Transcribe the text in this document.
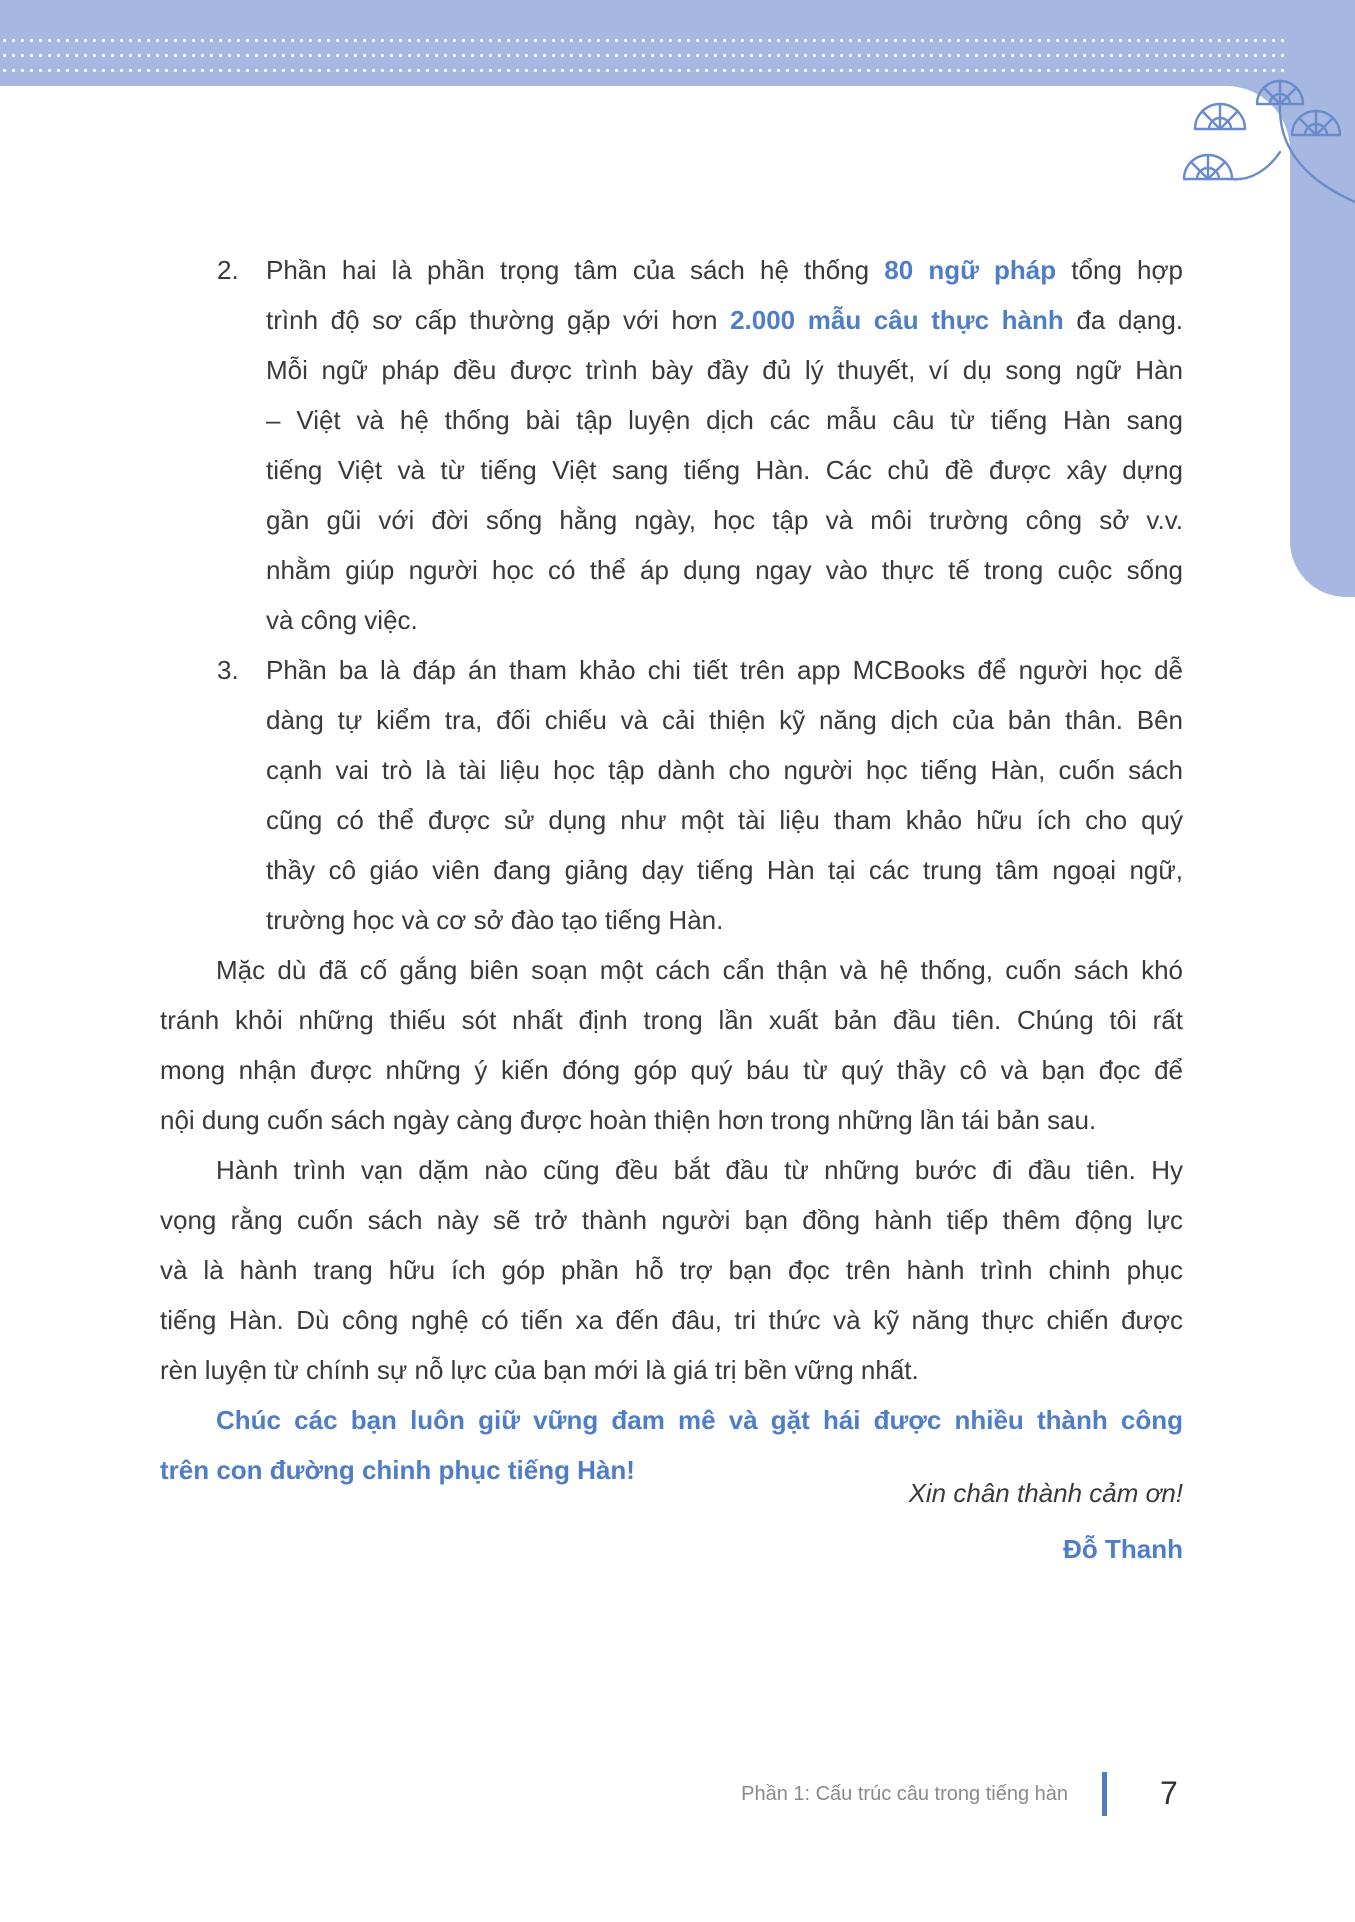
2. Phần hai là phần trọng tâm của sách hệ thống 80 ngữ pháp tổng hợp
trình độ sơ cấp thường gặp với hơn 2.000 mẫu câu thực hành đa dạng.
Mỗi ngữ pháp đều được trình bày đầy đủ lý thuyết, ví dụ song ngữ Hàn
– Việt và hệ thống bài tập luyện dịch các mẫu câu từ tiếng Hàn sang
tiếng Việt và từ tiếng Việt sang tiếng Hàn. Các chủ đề được xây dựng
gần gũi với đời sống hằng ngày, học tập và môi trường công sở v.v.
nhằm giúp người học có thể áp dụng ngay vào thực tế trong cuộc sống
và công việc.
3. Phần ba là đáp án tham khảo chi tiết trên app MCBooks để người học dễ
dàng tự kiểm tra, đối chiếu và cải thiện kỹ năng dịch của bản thân. Bên
cạnh vai trò là tài liệu học tập dành cho người học tiếng Hàn, cuốn sách
cũng có thể được sử dụng như một tài liệu tham khảo hữu ích cho quý
thầy cô giáo viên đang giảng dạy tiếng Hàn tại các trung tâm ngoại ngữ,
trường học và cơ sở đào tạo tiếng Hàn.
Mặc dù đã cố gắng biên soạn một cách cẩn thận và hệ thống, cuốn sách khó
tránh khỏi những thiếu sót nhất định trong lần xuất bản đầu tiên. Chúng tôi rất
mong nhận được những ý kiến đóng góp quý báu từ quý thầy cô và bạn đọc để
nội dung cuốn sách ngày càng được hoàn thiện hơn trong những lần tái bản sau.
Hành trình vạn dặm nào cũng đều bắt đầu từ những bước đi đầu tiên. Hy
vọng rằng cuốn sách này sẽ trở thành người bạn đồng hành tiếp thêm động lực
và là hành trang hữu ích góp phần hỗ trợ bạn đọc trên hành trình chinh phục
tiếng Hàn. Dù công nghệ có tiến xa đến đâu, tri thức và kỹ năng thực chiến được
rèn luyện từ chính sự nỗ lực của bạn mới là giá trị bền vững nhất.
Chúc các bạn luôn giữ vững đam mê và gặt hái được nhiều thành công
trên con đường chinh phục tiếng Hàn!
Xin chân thành cảm ơn!
Đỗ Thanh
Phần 1: Cấu trúc câu trong tiếng hàn	7
